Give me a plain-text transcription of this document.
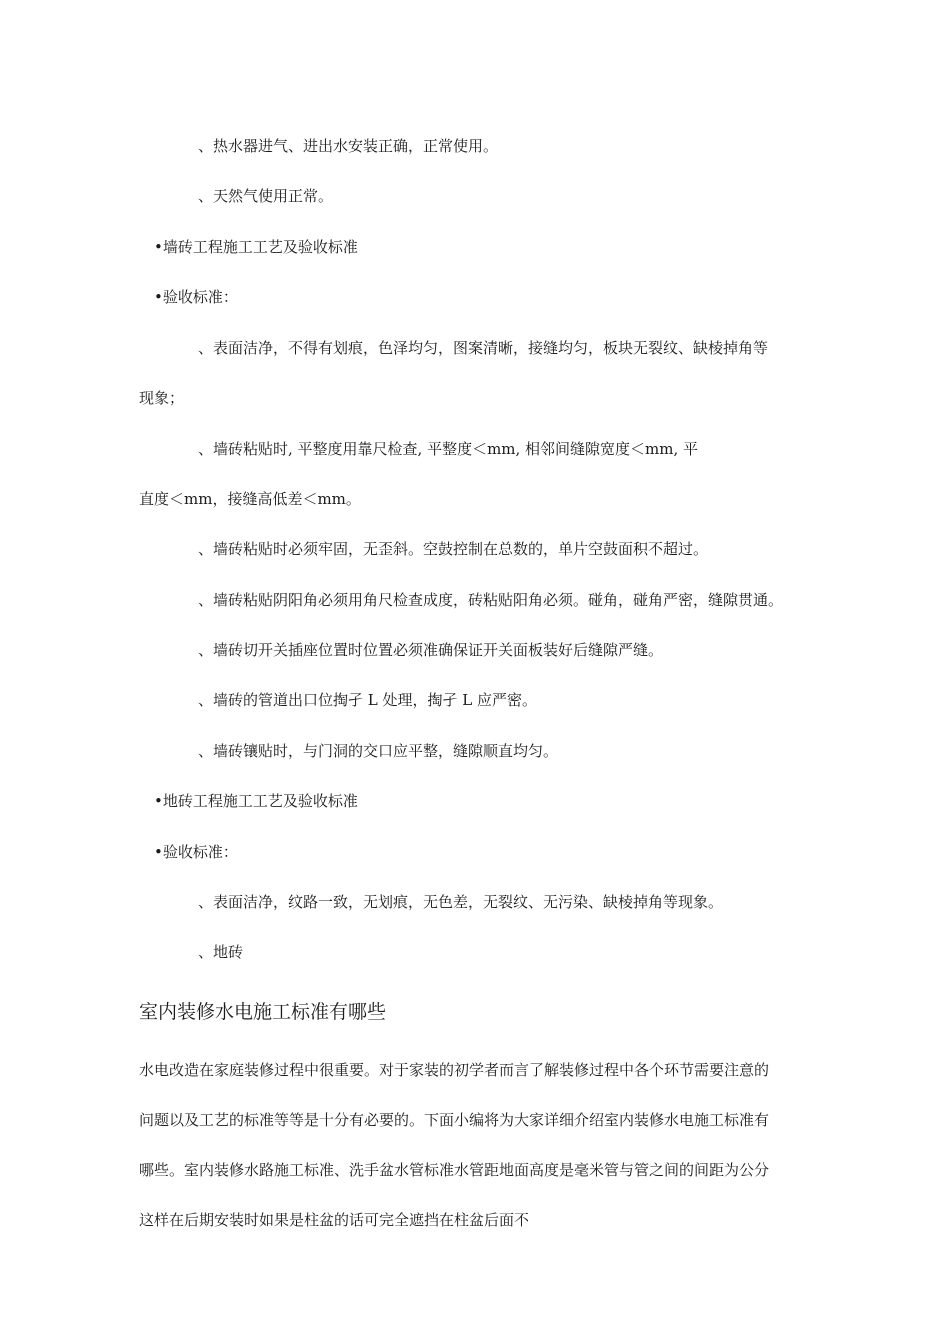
、热水器进气、进出水安装正确，正常使用。
、天然气使用正常。
•墙砖工程施工工艺及验收标准
•验收标准：
、表面洁净，不得有划痕，色泽均匀，图案清晰，接缝均匀，板块无裂纹、缺棱掉角等
现象；
、墙砖粘贴时, 平整度用靠尺检查, 平整度＜mm, 相邻间缝隙宽度＜mm, 平
直度＜mm，接缝高低差＜mm。
、墙砖粘贴时必须牢固，无歪斜。空鼓控制在总数的，单片空鼓面积不超过。
、墙砖粘贴阴阳角必须用角尺检查成度，砖粘贴阳角必须。碰角，碰角严密，缝隙贯通。
、墙砖切开关插座位置时位置必须准确保证开关面板装好后缝隙严缝。
、墙砖的管道出口位掏孑 L 处理，掏孑 L 应严密。
、墙砖镶贴时，与门洞的交口应平整，缝隙顺直均匀。
•地砖工程施工工艺及验收标准
•验收标准：
、表面洁净，纹路一致，无划痕，无色差，无裂纹、无污染、缺棱掉角等现象。
、地砖
室内装修水电施工标准有哪些
水电改造在家庭装修过程中很重要。对于家装的初学者而言了解装修过程中各个环节需要注意的
问题以及工艺的标准等等是十分有必要的。下面小编将为大家详细介绍室内装修水电施工标准有
哪些。室内装修水路施工标准、洗手盆水管标准水管距地面高度是毫米管与管之间的间距为公分
这样在后期安装时如果是柱盆的话可完全遮挡在柱盆后面不
